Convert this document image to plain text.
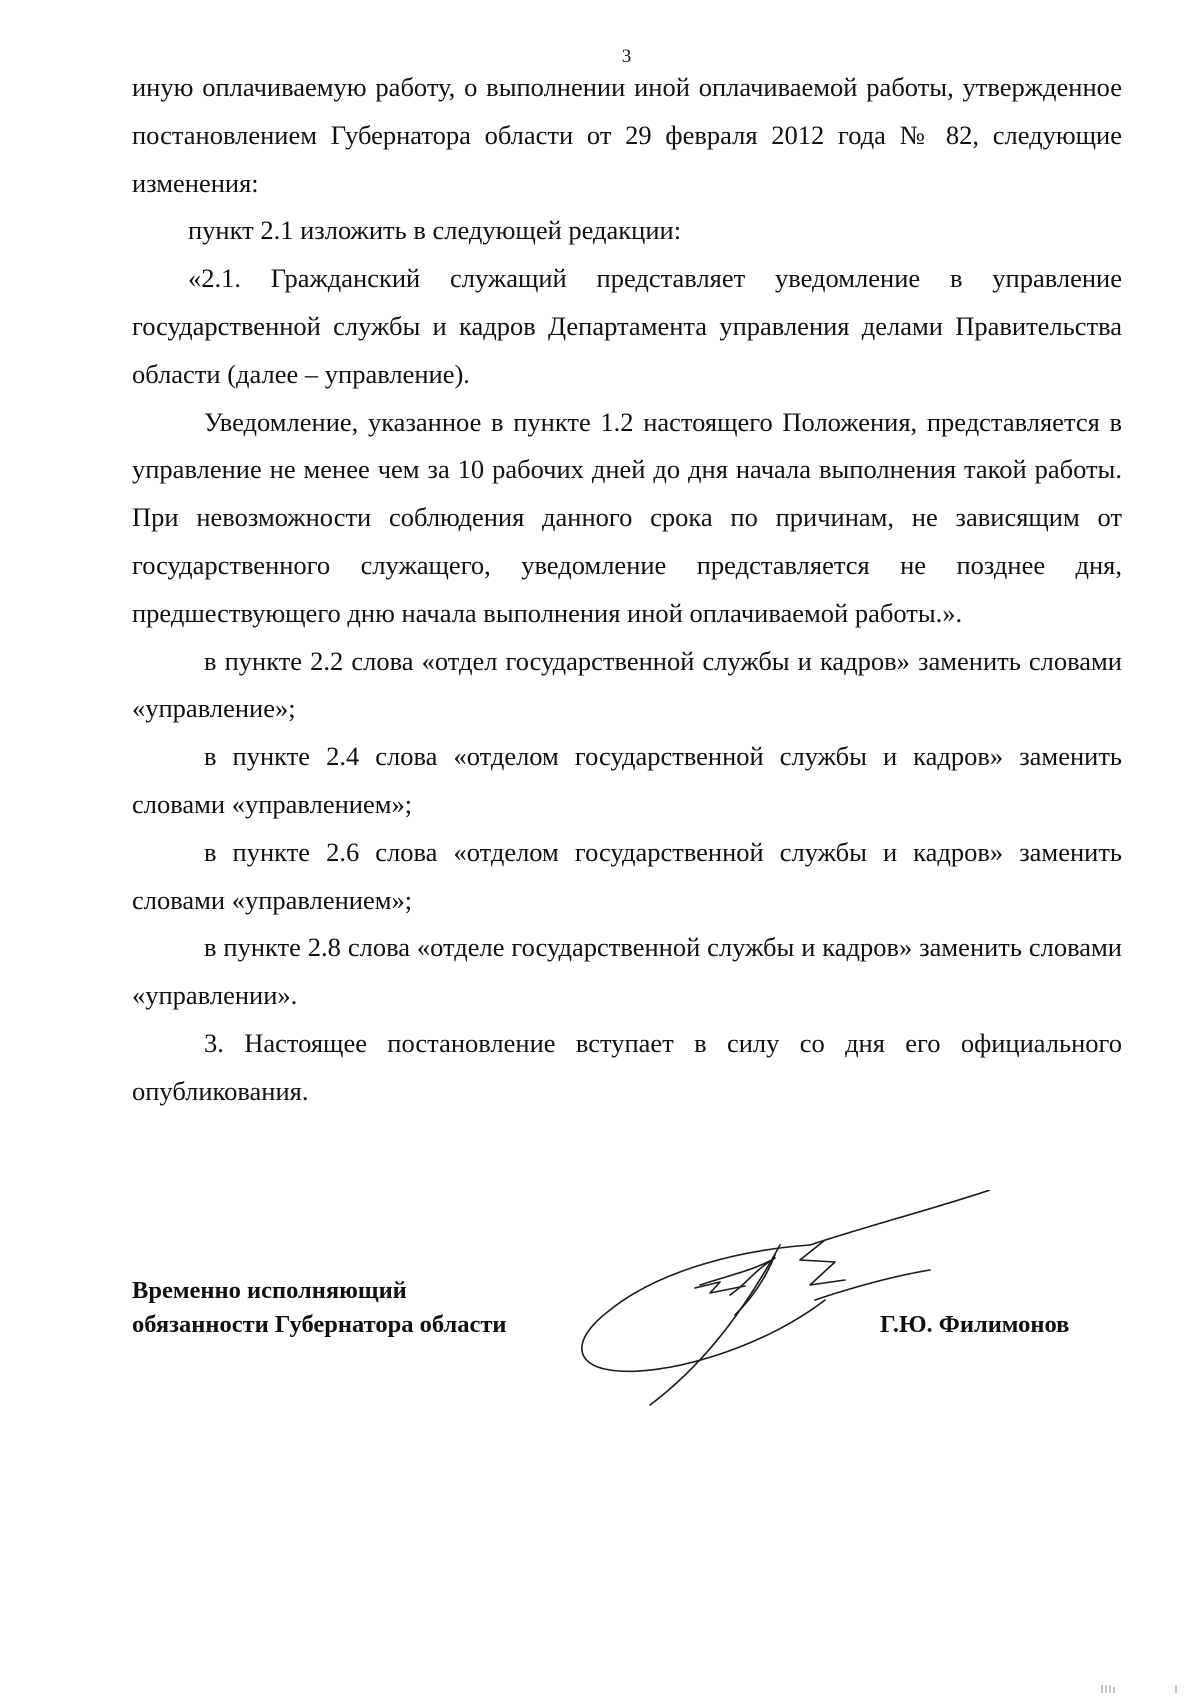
3

иную оплачиваемую работу, о выполнении иной оплачиваемой работы, утвержденное постановлением Губернатора области от 29 февраля 2012 года № 82, следующие изменения:

пункт 2.1 изложить в следующей редакции:

«2.1. Гражданский служащий представляет уведомление в управление государственной службы и кадров Департамента управления делами Правительства области (далее – управление).

Уведомление, указанное в пункте 1.2 настоящего Положения, представляется в управление не менее чем за 10 рабочих дней до дня начала выполнения такой работы. При невозможности соблюдения данного срока по причинам, не зависящим от государственного служащего, уведомление представляется не позднее дня, предшествующего дню начала выполнения иной оплачиваемой работы.».

в пункте 2.2 слова «отдел государственной службы и кадров» заменить словами «управление»;

в пункте 2.4 слова «отделом государственной службы и кадров» заменить словами «управлением»;

в пункте 2.6 слова «отделом государственной службы и кадров» заменить словами «управлением»;

в пункте 2.8 слова «отделе государственной службы и кадров» заменить словами «управлении».

3. Настоящее постановление вступает в силу со дня его официального опубликования.

Временно исполняющий
обязанности Губернатора области	Г.Ю. Филимонов
